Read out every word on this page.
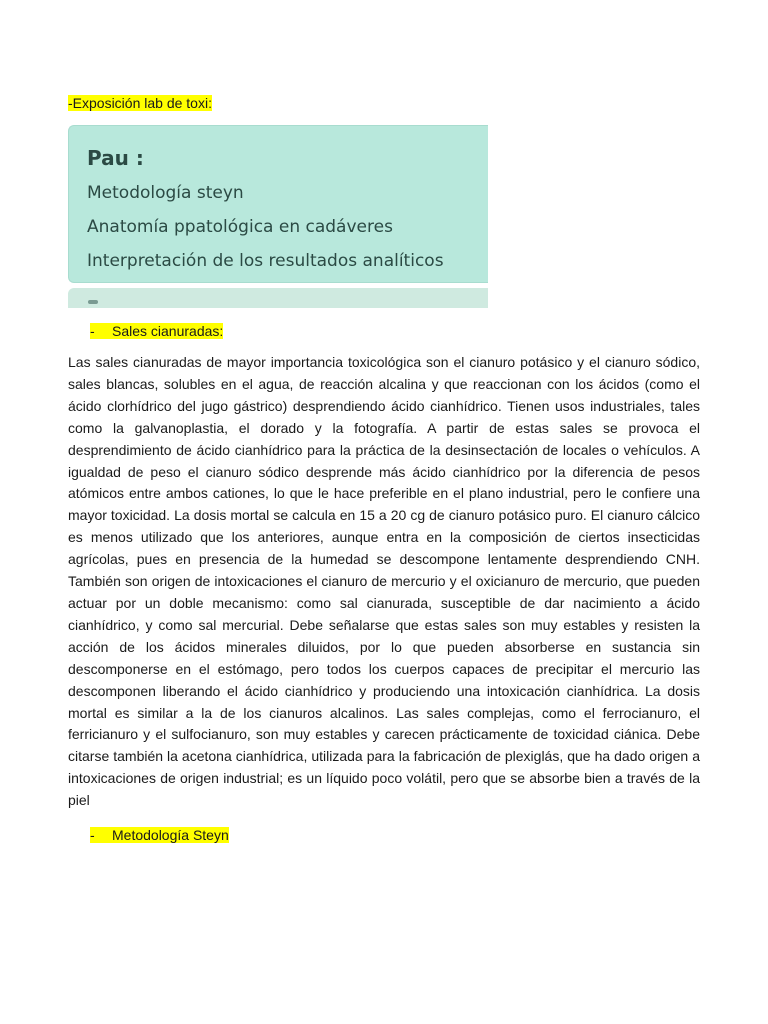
-Exposición lab de toxi:
Pau :
Metodología steyn
Anatomía ppatológica en cadáveres
Interpretación de los resultados analíticos
- Sales cianuradas:
Las sales cianuradas de mayor importancia toxicológica son el cianuro potásico y el cianuro sódico, sales blancas, solubles en el agua, de reacción alcalina y que reaccionan con los ácidos (como el ácido clorhídrico del jugo gástrico) desprendiendo ácido cianhídrico. Tienen usos industriales, tales como la galvanoplastia, el dorado y la fotografía. A partir de estas sales se provoca el desprendimiento de ácido cianhídrico para la práctica de la desinsectación de locales o vehículos. A igualdad de peso el cianuro sódico desprende más ácido cianhídrico por la diferencia de pesos atómicos entre ambos cationes, lo que le hace preferible en el plano industrial, pero le confiere una mayor toxicidad. La dosis mortal se calcula en 15 a 20 cg de cianuro potásico puro. El cianuro cálcico es menos utilizado que los anteriores, aunque entra en la composición de ciertos insecticidas agrícolas, pues en presencia de la humedad se descompone lentamente desprendiendo CNH. También son origen de intoxicaciones el cianuro de mercurio y el oxicianuro de mercurio, que pueden actuar por un doble mecanismo: como sal cianurada, susceptible de dar nacimiento a ácido cianhídrico, y como sal mercurial. Debe señalarse que estas sales son muy estables y resisten la acción de los ácidos minerales diluidos, por lo que pueden absorberse en sustancia sin descomponerse en el estómago, pero todos los cuerpos capaces de precipitar el mercurio las descomponen liberando el ácido cianhídrico y produciendo una intoxicación cianhídrica. La dosis mortal es similar a la de los cianuros alcalinos. Las sales complejas, como el ferrocianuro, el ferricianuro y el sulfocianuro, son muy estables y carecen prácticamente de toxicidad ciánica. Debe citarse también la acetona cianhídrica, utilizada para la fabricación de plexiglás, que ha dado origen a intoxicaciones de origen industrial; es un líquido poco volátil, pero que se absorbe bien a través de la piel
- Metodología Steyn
